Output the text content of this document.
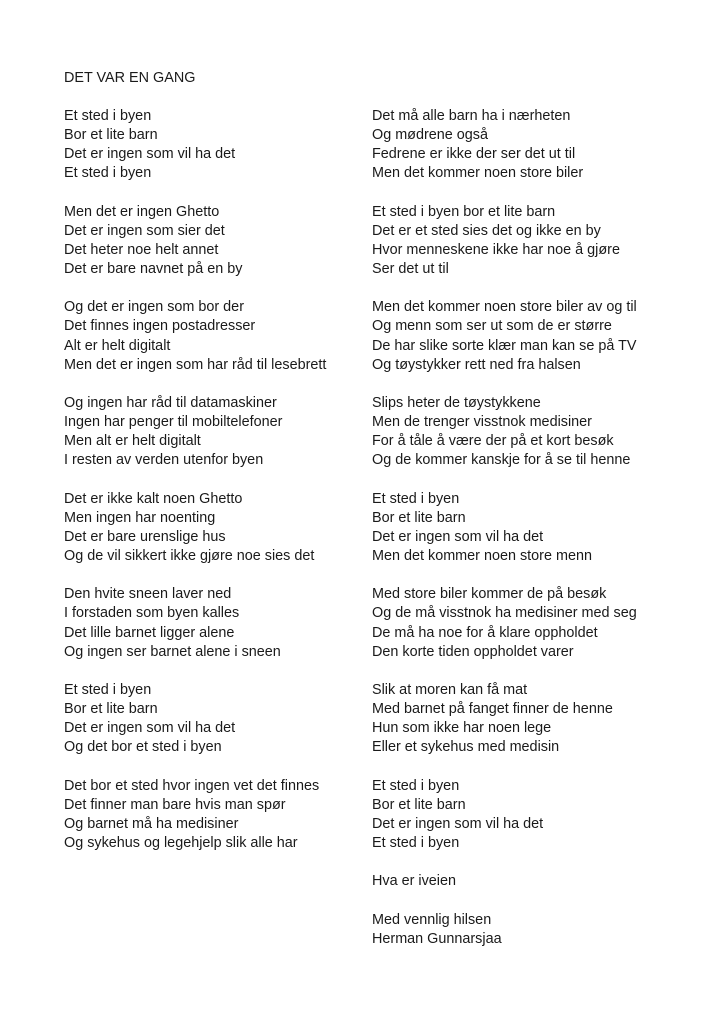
DET VAR EN GANG
Et sted i byen
Bor et lite barn
Det er ingen som vil ha det
Et sted i byen
Men det er ingen Ghetto
Det er ingen som sier det
Det heter noe helt annet
Det er bare navnet på en by
Og det er ingen som bor der
Det finnes ingen postadresser
Alt er helt digitalt
Men det er ingen som har råd til lesebrett
Og ingen har råd til datamaskiner
Ingen har penger til mobiltelefoner
Men alt er helt digitalt
I resten av verden utenfor byen
Det er ikke kalt noen Ghetto
Men ingen har noenting
Det er bare urenslige hus
Og de vil sikkert ikke gjøre noe sies det
Den hvite sneen laver ned
I forstaden som byen kalles
Det lille barnet ligger alene
Og ingen ser barnet alene i sneen
Et sted i byen
Bor et lite barn
Det er ingen som vil ha det
Og det bor et sted i byen
Det bor et sted hvor ingen vet det finnes
Det finner man bare hvis man spør
Og barnet må ha medisiner
Og sykehus og legehjelp slik alle har
Det må alle barn ha i nærheten
Og mødrene også
Fedrene er ikke der ser det ut til
Men det kommer noen store biler
Et sted i byen bor et lite barn
Det er et sted sies det og ikke en by
Hvor menneskene ikke har noe å gjøre
Ser det ut til
Men det kommer noen store biler av og til
Og menn som ser ut som de er større
De har slike sorte klær man kan se på TV
Og tøystykker rett ned fra halsen
Slips heter de tøystykkene
Men de trenger visstnok medisiner
For å tåle å være der på et kort besøk
Og de kommer kanskje for å se til henne
Et sted i byen
Bor et lite barn
Det er ingen som vil ha det
Men det kommer noen store menn
Med store biler kommer de på besøk
Og de må visstnok ha medisiner med seg
De må ha noe for å klare oppholdet
Den korte tiden oppholdet varer
Slik at moren kan få mat
Med barnet på fanget finner de henne
Hun som ikke har noen lege
Eller et sykehus med medisin
Et sted i byen
Bor et lite barn
Det er ingen som vil ha det
Et sted i byen
Hva er iveien
Med vennlig hilsen
Herman Gunnarsjaa
